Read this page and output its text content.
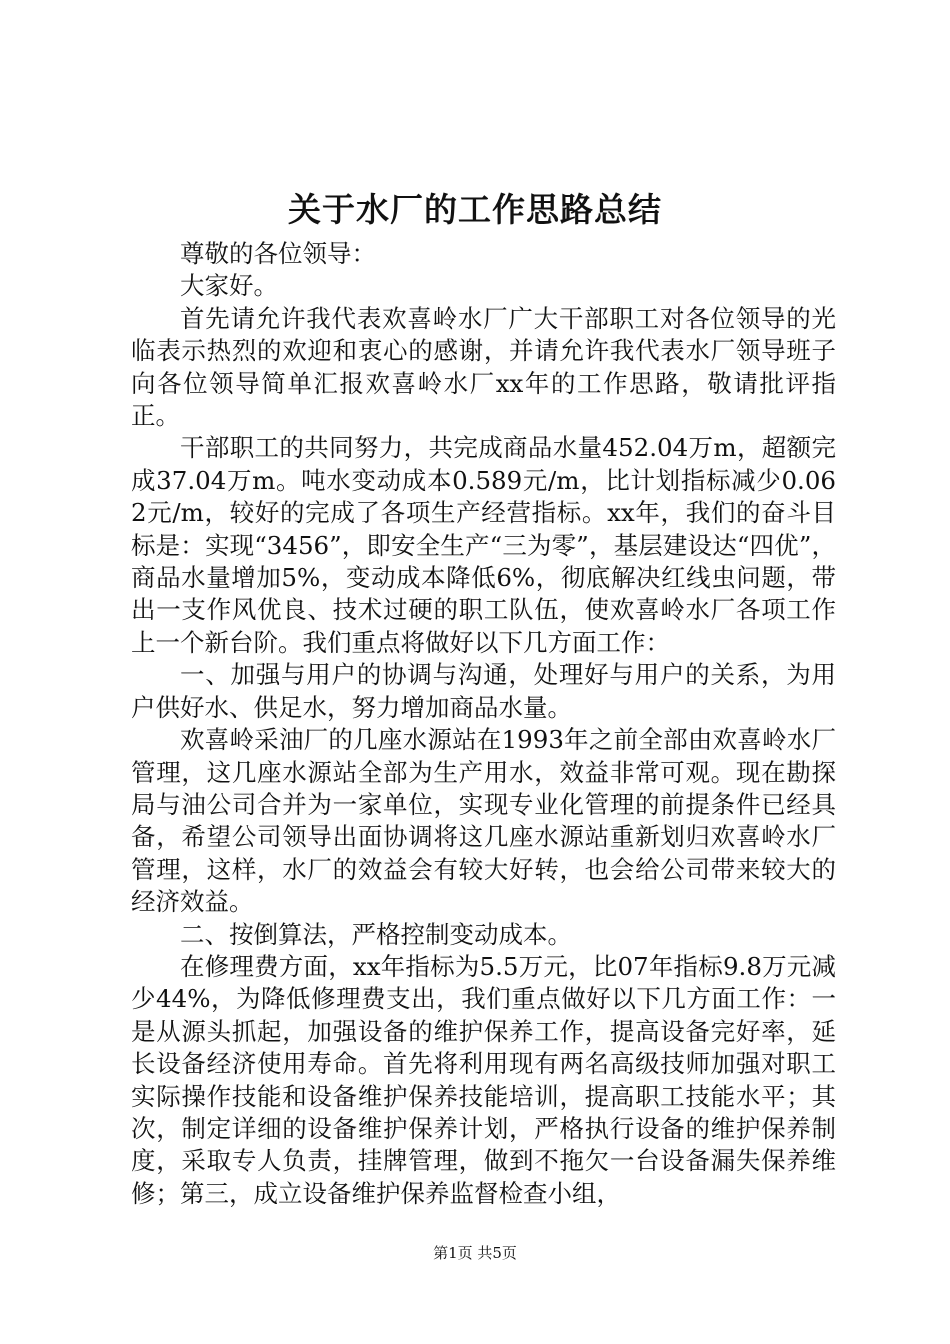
关于水厂的工作思路总结

尊敬的各位领导：

大家好。

首先请允许我代表欢喜岭水厂广大干部职工对各位领导的光临表示热烈的欢迎和衷心的感谢，并请允许我代表水厂领导班子向各位领导简单汇报欢喜岭水厂xx年的工作思路，敬请批评指正。

干部职工的共同努力，共完成商品水量452.04万m，超额完成37.04万m。吨水变动成本0.589元/m，比计划指标减少0.062元/m，较好的完成了各项生产经营指标。xx年，我们的奋斗目标是：实现“3456”，即安全生产“三为零”，基层建设达“四优”，商品水量增加5%，变动成本降低6%，彻底解决红线虫问题，带出一支作风优良、技术过硬的职工队伍，使欢喜岭水厂各项工作上一个新台阶。我们重点将做好以下几方面工作：

一、加强与用户的协调与沟通，处理好与用户的关系，为用户供好水、供足水，努力增加商品水量。

欢喜岭采油厂的几座水源站在1993年之前全部由欢喜岭水厂管理，这几座水源站全部为生产用水，效益非常可观。现在勘探局与油公司合并为一家单位，实现专业化管理的前提条件已经具备，希望公司领导出面协调将这几座水源站重新划归欢喜岭水厂管理，这样，水厂的效益会有较大好转，也会给公司带来较大的经济效益。

二、按倒算法，严格控制变动成本。

在修理费方面，xx年指标为5.5万元，比07年指标9.8万元减少44%，为降低修理费支出，我们重点做好以下几方面工作：一是从源头抓起，加强设备的维护保养工作，提高设备完好率，延长设备经济使用寿命。首先将利用现有两名高级技师加强对职工实际操作技能和设备维护保养技能培训，提高职工技能水平；其次，制定详细的设备维护保养计划，严格执行设备的维护保养制度，采取专人负责，挂牌管理，做到不拖欠一台设备漏失保养维修；第三，成立设备维护保养监督检查小组，

第1页 共5页
